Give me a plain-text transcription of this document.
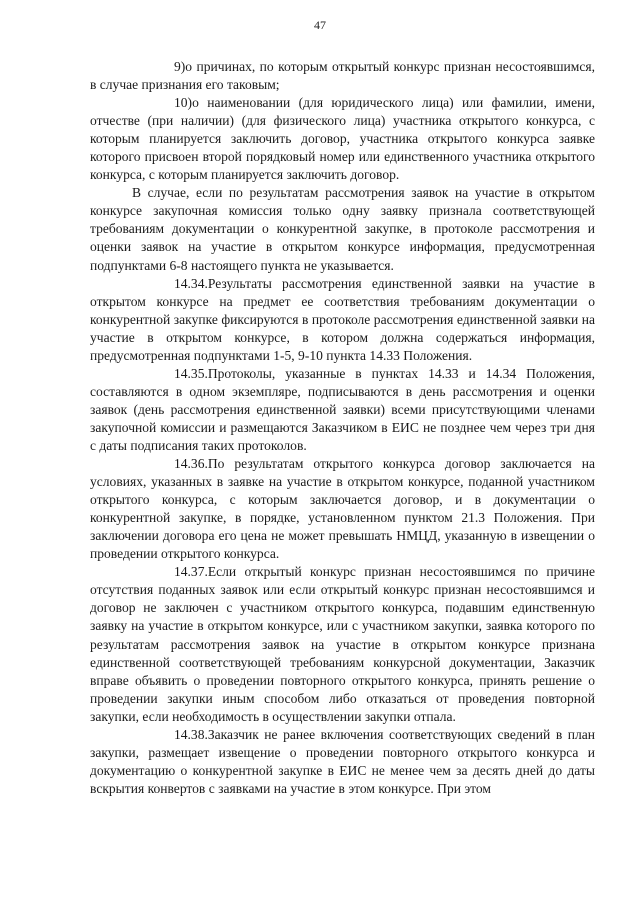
47

9)о причинах, по которым открытый конкурс признан несостоявшимся, в случае признания его таковым;

10)о наименовании (для юридического лица) или фамилии, имени, отчестве (при наличии) (для физического лица) участника открытого конкурса, с которым планируется заключить договор, участника открытого конкурса заявке которого присвоен второй порядковый номер или единственного участника открытого конкурса, с которым планируется заключить договор.

В случае, если по результатам рассмотрения заявок на участие в открытом конкурсе закупочная комиссия только одну заявку признала соответствующей требованиям документации о конкурентной закупке, в протоколе рассмотрения и оценки заявок на участие в открытом конкурсе информация, предусмотренная подпунктами 6-8 настоящего пункта не указывается.

14.34.Результаты рассмотрения единственной заявки на участие в открытом конкурсе на предмет ее соответствия требованиям документации о конкурентной закупке фиксируются в протоколе рассмотрения единственной заявки на участие в открытом конкурсе, в котором должна содержаться информация, предусмотренная подпунктами 1-5, 9-10 пункта 14.33 Положения.

14.35.Протоколы, указанные в пунктах 14.33 и 14.34 Положения, составляются в одном экземпляре, подписываются в день рассмотрения и оценки заявок (день рассмотрения единственной заявки) всеми присутствующими членами закупочной комиссии и размещаются Заказчиком в ЕИС не позднее чем через три дня с даты подписания таких протоколов.

14.36.По результатам открытого конкурса договор заключается на условиях, указанных в заявке на участие в открытом конкурсе, поданной участником открытого конкурса, с которым заключается договор, и в документации о конкурентной закупке, в порядке, установленном пунктом 21.3 Положения. При заключении договора его цена не может превышать НМЦД, указанную в извещении о проведении открытого конкурса.

14.37.Если открытый конкурс признан несостоявшимся по причине отсутствия поданных заявок или если открытый конкурс признан несостоявшимся и договор не заключен с участником открытого конкурса, подавшим единственную заявку на участие в открытом конкурсе, или с участником закупки, заявка которого по результатам рассмотрения заявок на участие в открытом конкурсе признана единственной соответствующей требованиям конкурсной документации, Заказчик вправе объявить о проведении повторного открытого конкурса, принять решение о проведении закупки иным способом либо отказаться от проведения повторной закупки, если необходимость в осуществлении закупки отпала.

14.38.Заказчик не ранее включения соответствующих сведений в план закупки, размещает извещение о проведении повторного открытого конкурса и документацию о конкурентной закупке в ЕИС не менее чем за десять дней до даты вскрытия конвертов с заявками на участие в этом конкурсе. При этом
